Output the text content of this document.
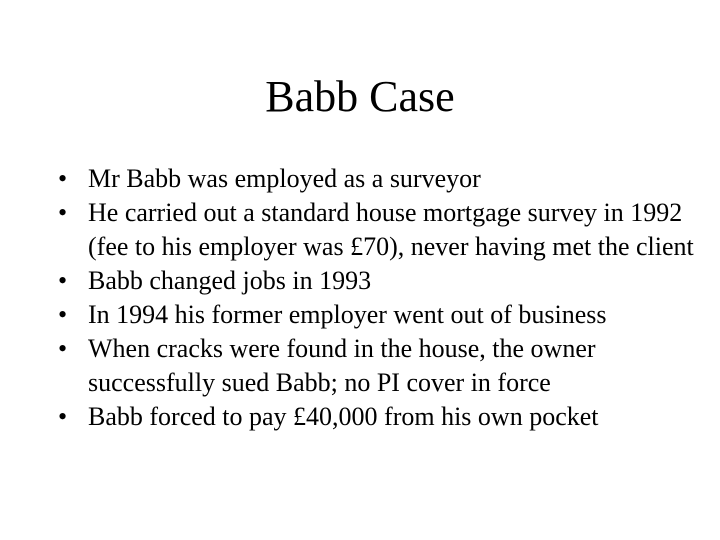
Babb Case
• Mr Babb was employed as a surveyor
• He carried out a standard house mortgage survey in 1992 (fee to his employer was £70), never having met the client
• Babb changed jobs in 1993
• In 1994 his former employer went out of business
• When cracks were found in the house, the owner successfully sued Babb; no PI cover in force
• Babb forced to pay £40,000 from his own pocket
